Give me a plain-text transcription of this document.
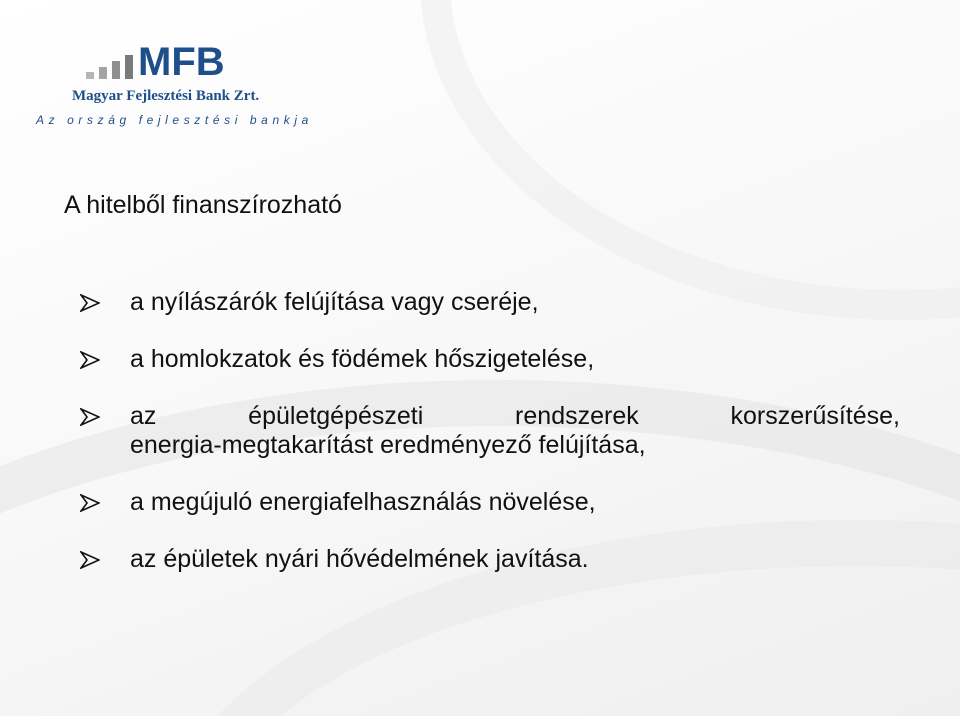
MFB
Magyar Fejlesztési Bank Zrt.
Az ország fejlesztési bankja
A hitelből finanszírozható
a nyílászárók felújítása vagy cseréje,
a homlokzatok és födémek hőszigetelése,
az épületgépészeti rendszerek korszerűsítése,
energia-megtakarítást eredményező felújítása,
a megújuló energiafelhasználás növelése,
az épületek nyári hővédelmének javítása.
